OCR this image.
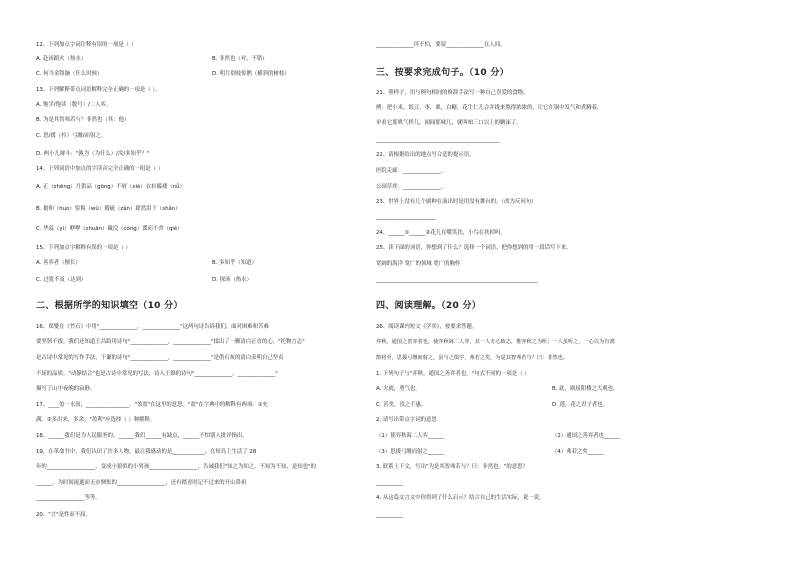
12、下列加点字词注释有误的一项是（ ）
A. 赴汤蹈火（热水）	B. 非然也（对，不错）
C. 何当金络脑（什么时候）	D. 明月别枝惊鹊（横斜的树枝）
13、下列解释带点词语解释完全正确的一项是（ ）。
A. 饱学/饱读（数号）/二人弈。
B. 为是其智弗若与？非然也（其：他）
C. 思/援（拉）弓缴/而射之。
D. 两小儿辩斗："孰为（为什么）/汝/多知乎？"
14、下列词语中加点的字读音完全正确的一组是（ ）
A. 正（zhēng）月供品（gōng）不屑（xiè）衣衫褴褛（nǚ）
B. 据和（huo）髻髯（wǔ）瑕疵（zàn）肆然泪下（shǎn）
C. 华蕊（yí）咿咿（zhuān）藏浣（cóng）谍而不舍（qiè）
15、下列加点字解释有误的一项是（ ）
A. 善弈者（擅长）	B. 多知乎（知道）
C. 过犹不及（达到）	D. 探汤（热水）
二、根据所学的知识填空（10 分）
16、郑燮在《竹石》中用"______________，______________"这两句诗告诉我们，面对困难和苦难
要坚韧不拔。我们还知道王昌龄用诗句"______________，______________"揉出了一颗清白正直的心，"托物言志"
是古诗中常见的写作手法，于谦的诗句"______________，______________"是借石灰的清白表明自己坚贞
不屈的品质。"动静结合"也是古诗中常见的写法，诗人王维的诗句"______________，______________"
描写了山中夜晚的寂静。
17、____盈一水间，________________。"盈盈"在这里的意思。"盈"在字典中的解释有两项：①充
满。②多出来，多余。"盈利"应选择（ ）种解释。
18、______我们是为人民服务的，______我们______有缺点，______不怕别人批评指出。
19、在革命书中，我们认识了许多人物，最让我感动的是____________，在短岛上生活了 28
年的__________________，变成小狼似的小男孩__________________，告诫我们"知之为知之，不知为不知，是知也"的
______，为时间流逝而无奈惆怅的__________________，还有踏青时记不过来的开山鼻祖
__________________等等。
20、"言"是性而不屈。
______________淬不怕，要留______________在人间。
三、按要求完成句子。（10 分）
21、照样子，用与例句相同的修辞手法写一种自己喜爱的食物。
例：把小米，饭豆，枣，栗，白糖，花生仁儿合并拢来熬得浓浓的，让它在锅中发气和煮腾着，
单看它那哄气样儿，闻闻那味儿，就叫咱三口以上的糖沫了。
______________________________________________
22、请根据给出的地点写合适的提示语。
医院走廊：______________。
公园草坪：______________。
23、世界上没有几个剧种在演出时是用没有舞台的。（改为反问句）
______________________
24、______①______②花儿在嘴笑扶，小鸟在扶掉吗。
25、读下面的词语，你想到了什么？选择一个词语，把你想到的用一段话写下来。
宽阔的海洋 宽广的领域 宽广的胸怀
____________________________________________________________
四、阅读理解。（20 分）
26、阅读课内短文《学弈》，按要求答题。
弈秋，通国之善弈者也。使弈秋诲二人弈，其一人专心致志，惟弈秋之为听；一人虽听之，一心以为有鸿
鹄将至，思援弓缴而射之。虽与之俱学，弗若之矣。为是其智弗若与？曰：非然也。
1. 下列句子与"弈秋，通国之善弈者也。"句式不同的一项是（ ）
A. 夫就，勇气也。	B. 此，则屈阳楼之大观也。
C. 甚矣，汝之不惠。	D. 莲，花之君子者也。
2. 请写出带点字词的意思
（1）使弈秋诲二人弈______	（2）通国之善弈者也______
（3）思援弓缴而射之______	（4）弗若之矣______
3. 联系上下文，写出"为是其智弗若与？曰：非然也。"的意思？
__________
4. 从这篇文言文中你得到了什么启示？结合自己的生活实际，说一说。
__________
